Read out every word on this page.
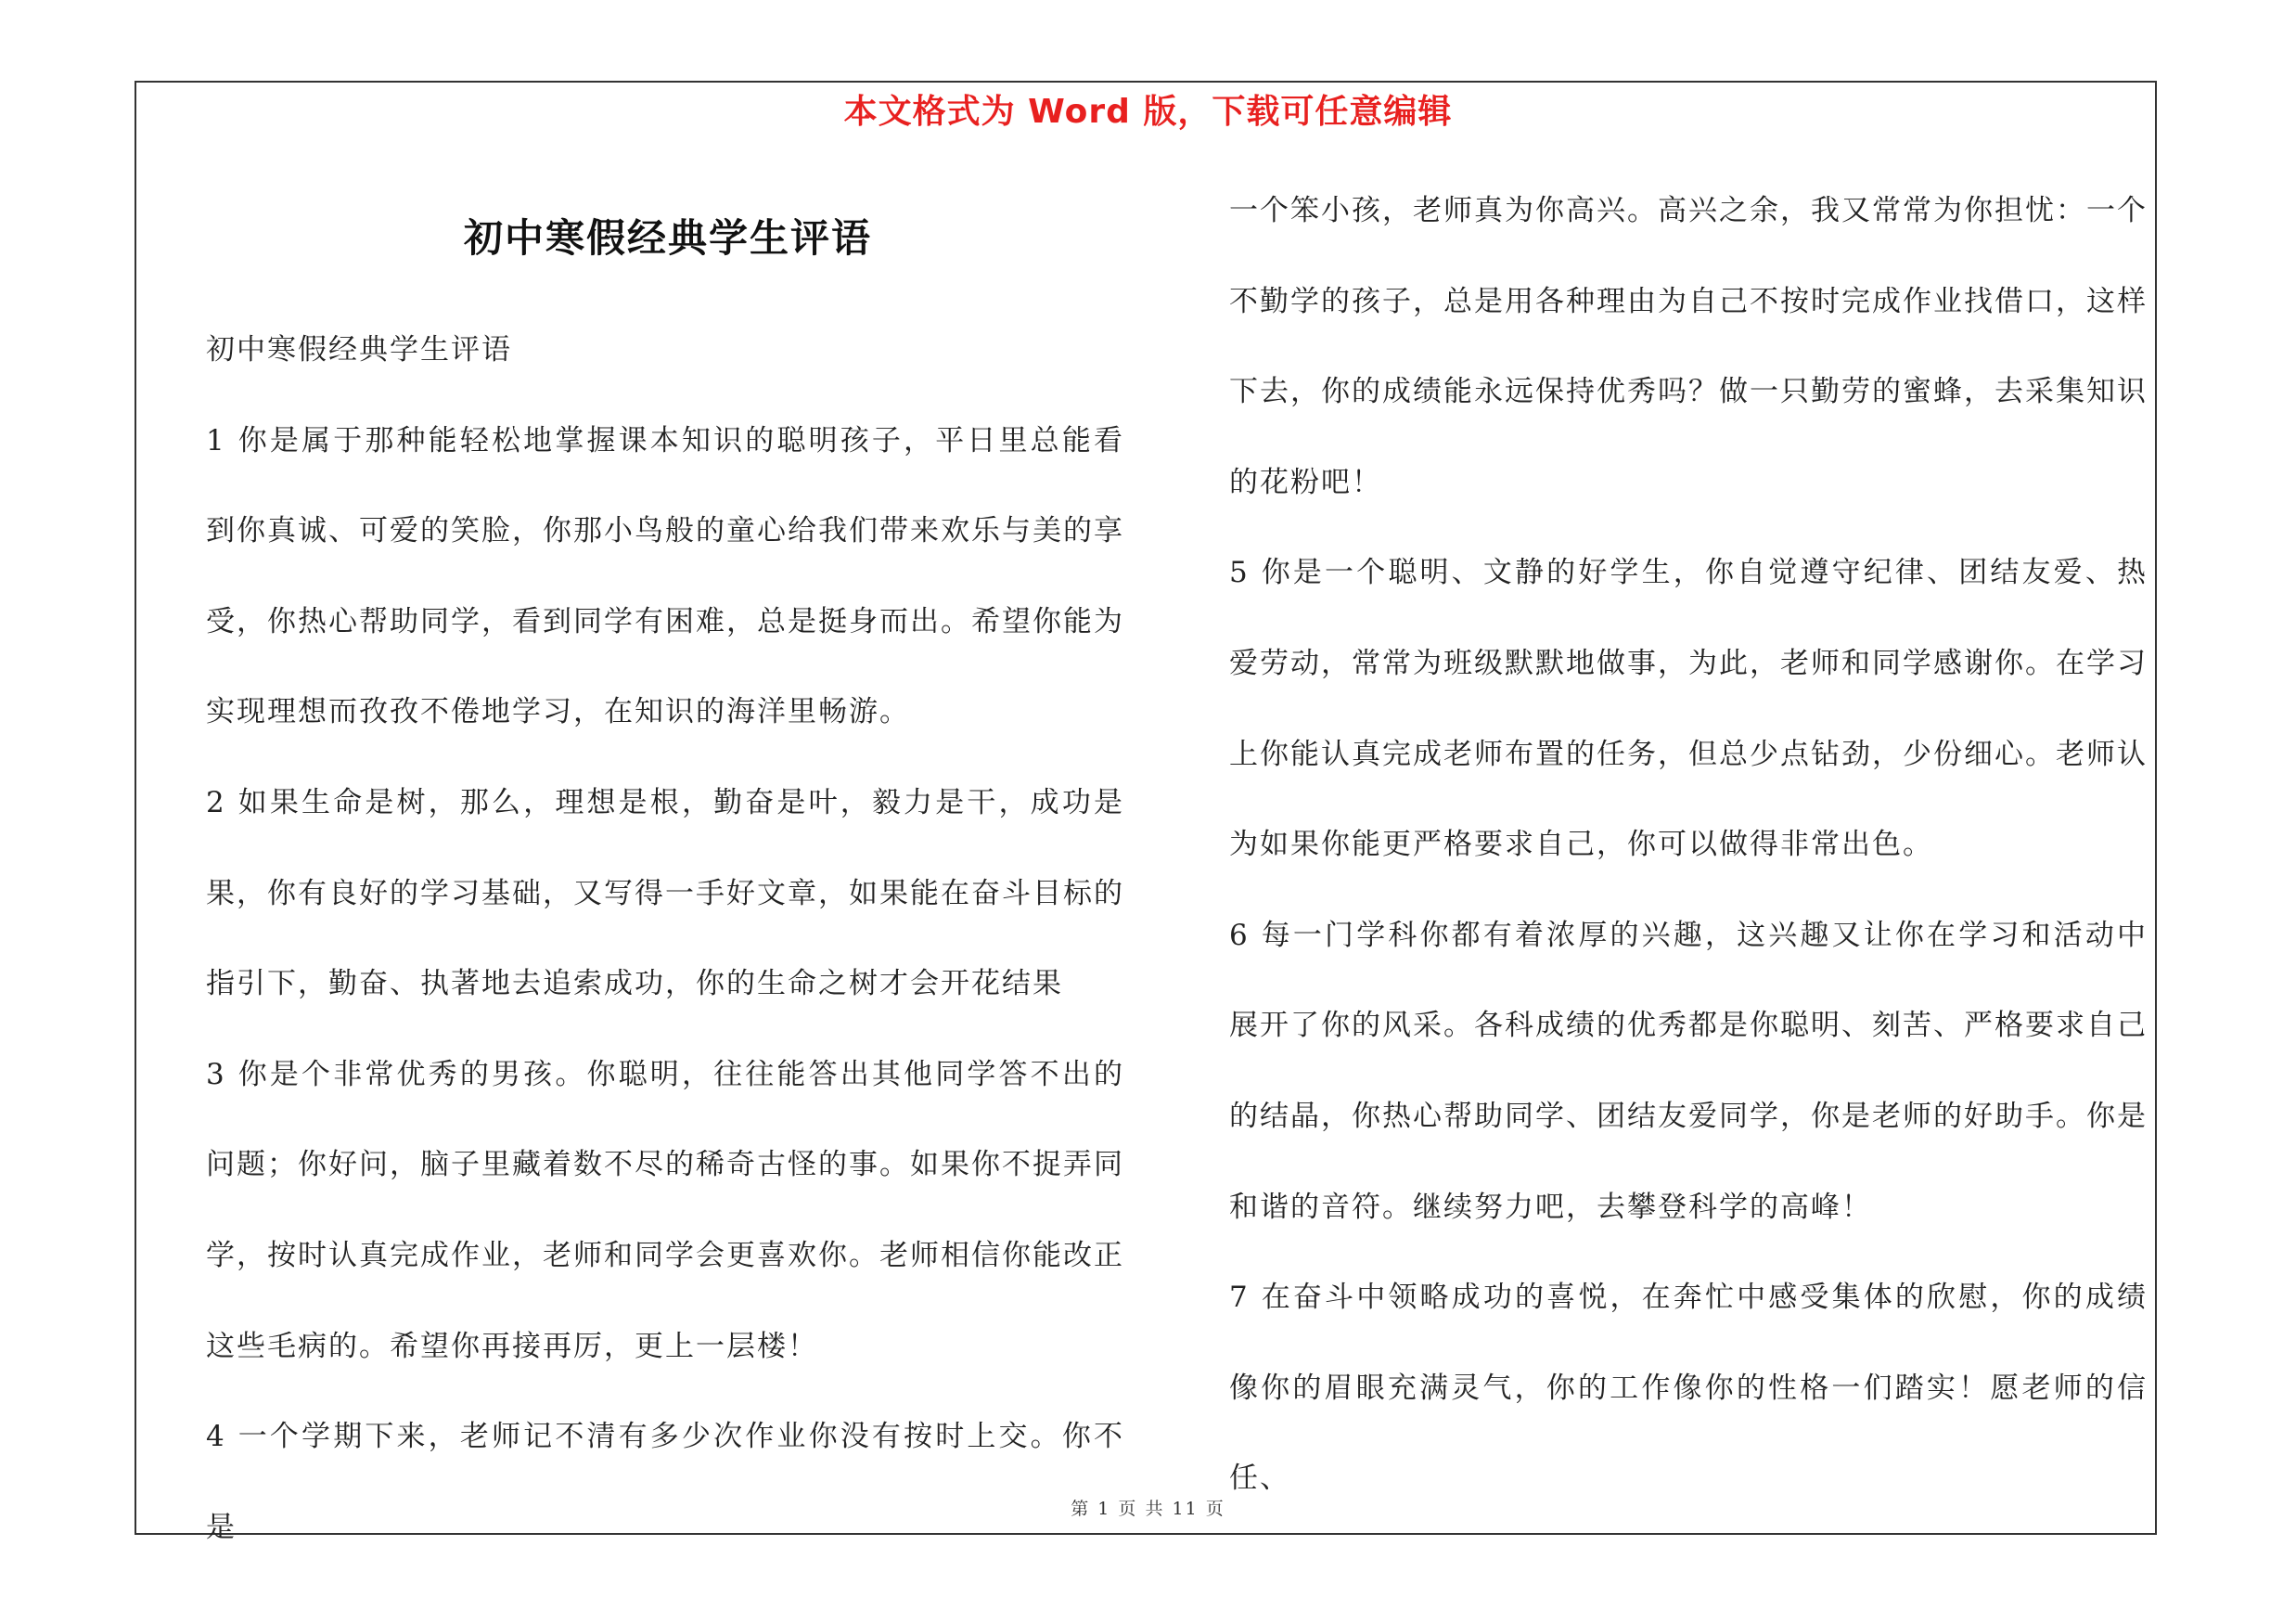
本文格式为 Word 版，下载可任意编辑
初中寒假经典学生评语

初中寒假经典学生评语

1 你是属于那种能轻松地掌握课本知识的聪明孩子，平日里总能看到你真诚、可爱的笑脸，你那小鸟般的童心给我们带来欢乐与美的享受，你热心帮助同学，看到同学有困难，总是挺身而出。希望你能为实现理想而孜孜不倦地学习，在知识的海洋里畅游。

2 如果生命是树，那么，理想是根，勤奋是叶，毅力是干，成功是果，你有良好的学习基础，又写得一手好文章，如果能在奋斗目标的指引下，勤奋、执著地去追索成功，你的生命之树才会开花结果

3 你是个非常优秀的男孩。你聪明，往往能答出其他同学答不出的问题；你好问，脑子里藏着数不尽的稀奇古怪的事。如果你不捉弄同学，按时认真完成作业，老师和同学会更喜欢你。老师相信你能改正这些毛病的。希望你再接再厉，更上一层楼！

4 一个学期下来，老师记不清有多少次作业你没有按时上交。你不是

一个笨小孩，老师真为你高兴。高兴之余，我又常常为你担忧：一个不勤学的孩子，总是用各种理由为自己不按时完成作业找借口，这样下去，你的成绩能永远保持优秀吗？做一只勤劳的蜜蜂，去采集知识的花粉吧！

5 你是一个聪明、文静的好学生，你自觉遵守纪律、团结友爱、热爱劳动，常常为班级默默地做事，为此，老师和同学感谢你。在学习上你能认真完成老师布置的任务，但总少点钻劲，少份细心。老师认为如果你能更严格要求自己，你可以做得非常出色。

6 每一门学科你都有着浓厚的兴趣，这兴趣又让你在学习和活动中展开了你的风采。各科成绩的优秀都是你聪明、刻苦、严格要求自己的结晶，你热心帮助同学、团结友爱同学，你是老师的好助手。你是和谐的音符。继续努力吧，去攀登科学的高峰！

7 在奋斗中领略成功的喜悦，在奔忙中感受集体的欣慰，你的成绩像你的眉眼充满灵气，你的工作像你的性格一们踏实！愿老师的信任、

第 1 页 共 11 页
